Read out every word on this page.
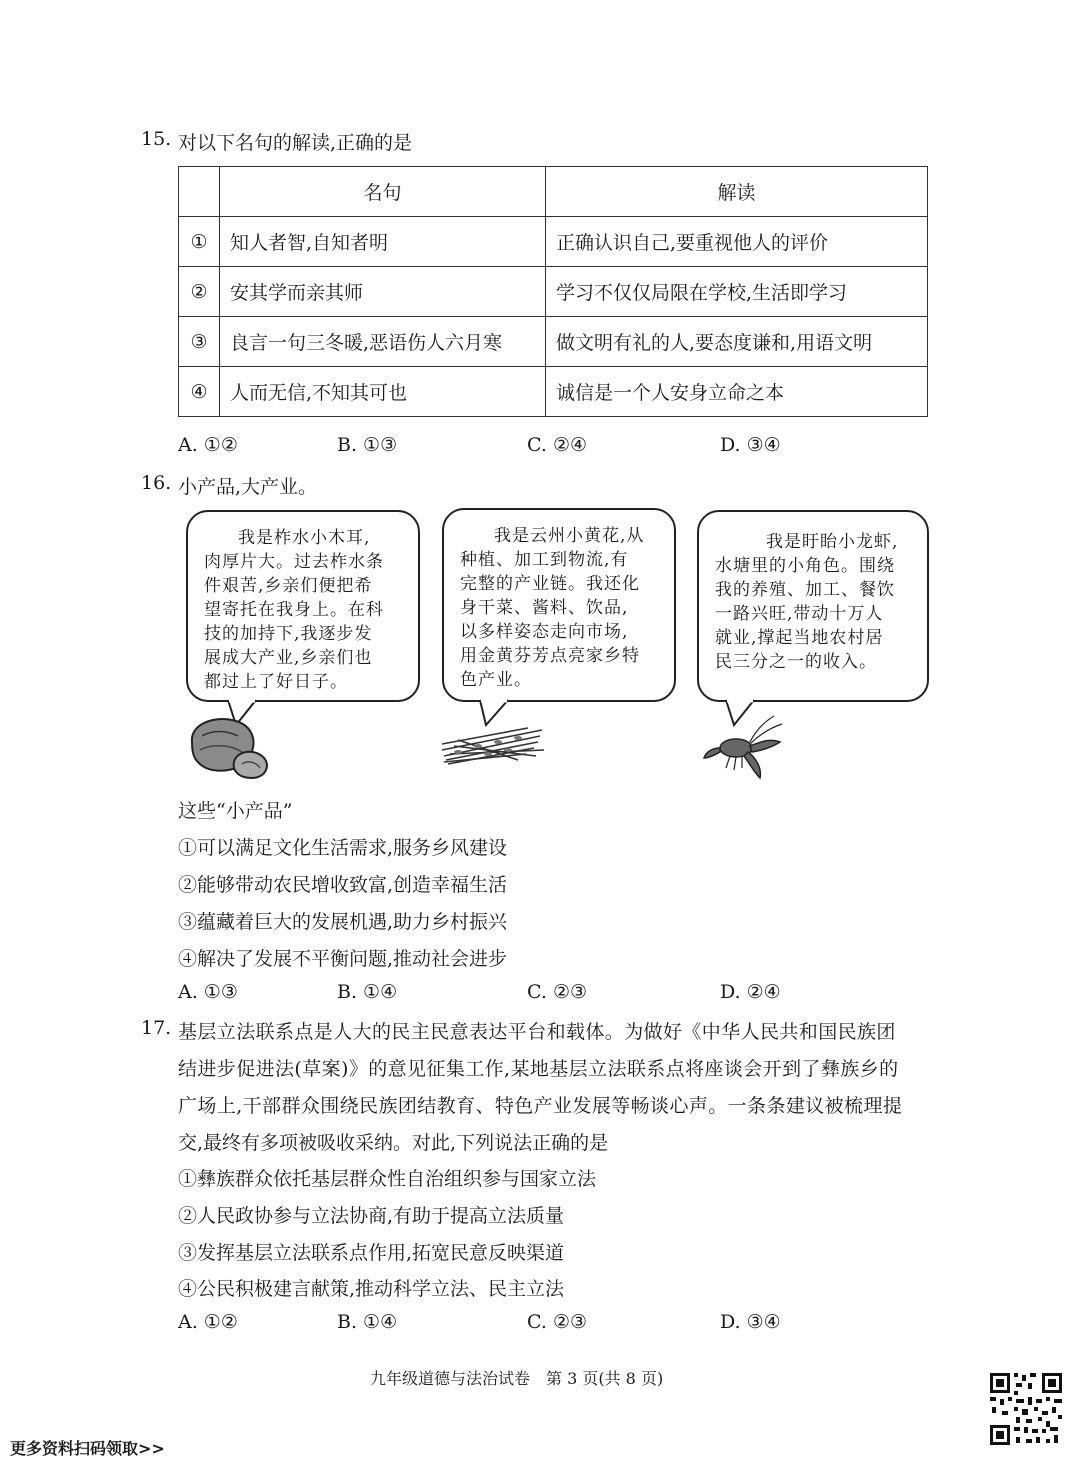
15. 对以下名句的解读,正确的是
	名句	解读
①	知人者智,自知者明	正确认识自己,要重视他人的评价
②	安其学而亲其师	学习不仅仅局限在学校,生活即学习
③	良言一句三冬暖,恶语伤人六月寒	做文明有礼的人,要态度谦和,用语文明
④	人而无信,不知其可也	诚信是一个人安身立命之本
A. ①②	B. ①③	C. ②④	D. ③④
16. 小产品,大产业。
我是柞水小木耳,
肉厚片大。过去柞水条
件艰苦,乡亲们便把希
望寄托在我身上。在科
技的加持下,我逐步发
展成大产业,乡亲们也
都过上了好日子。
我是云州小黄花,从
种植、加工到物流,有
完整的产业链。我还化
身干菜、酱料、饮品,
以多样姿态走向市场,
用金黄芬芳点亮家乡特
色产业。
我是盱眙小龙虾,
水塘里的小角色。围绕
我的养殖、加工、餐饮
一路兴旺,带动十万人
就业,撑起当地农村居
民三分之一的收入。
这些“小产品”
①可以满足文化生活需求,服务乡风建设
②能够带动农民增收致富,创造幸福生活
③蕴藏着巨大的发展机遇,助力乡村振兴
④解决了发展不平衡问题,推动社会进步
A. ①③	B. ①④	C. ②③	D. ②④
17. 基层立法联系点是人大的民主民意表达平台和载体。为做好《中华人民共和国民族团
结进步促进法(草案)》的意见征集工作,某地基层立法联系点将座谈会开到了彝族乡的
广场上,干部群众围绕民族团结教育、特色产业发展等畅谈心声。一条条建议被梳理提
交,最终有多项被吸收采纳。对此,下列说法正确的是
①彝族群众依托基层群众性自治组织参与国家立法
②人民政协参与立法协商,有助于提高立法质量
③发挥基层立法联系点作用,拓宽民意反映渠道
④公民积极建言献策,推动科学立法、民主立法
A. ①②	B. ①④	C. ②③	D. ③④
九年级道德与法治试卷　第 3 页(共 8 页)
更多资料扫码领取>>
